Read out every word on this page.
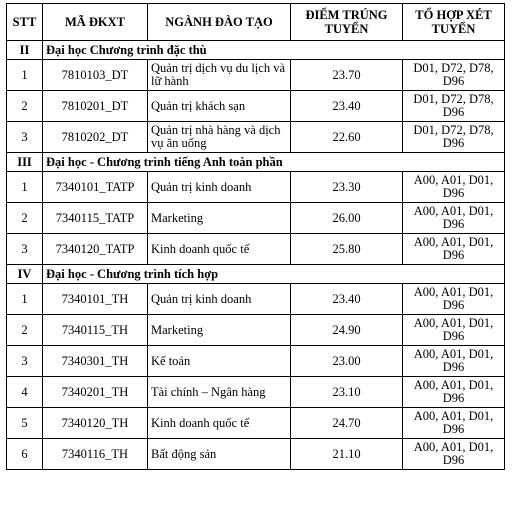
STT	MÃ ĐKXT	NGÀNH ĐÀO TẠO	ĐIỂM TRÚNG TUYỂN	TỔ HỢP XÉT TUYỂN
II	Đại học Chương trình đặc thù			
1	7810103_DT	Quản trị dịch vụ du lịch và lữ hành	23.70	D01, D72, D78, D96
2	7810201_DT	Quản trị khách sạn	23.40	D01, D72, D78, D96
3	7810202_DT	Quản trị nhà hàng và dịch vụ ăn uống	22.60	D01, D72, D78, D96
III	Đại học - Chương trình tiếng Anh toàn phần			
1	7340101_TATP	Quản trị kinh doanh	23.30	A00, A01, D01, D96
2	7340115_TATP	Marketing	26.00	A00, A01, D01, D96
3	7340120_TATP	Kinh doanh quốc tế	25.80	A00, A01, D01, D96
IV	Đại học - Chương trình tích hợp			
1	7340101_TH	Quản trị kinh doanh	23.40	A00, A01, D01, D96
2	7340115_TH	Marketing	24.90	A00, A01, D01, D96
3	7340301_TH	Kế toán	23.00	A00, A01, D01, D96
4	7340201_TH	Tài chính – Ngân hàng	23.10	A00, A01, D01, D96
5	7340120_TH	Kinh doanh quốc tế	24.70	A00, A01, D01, D96
6	7340116_TH	Bất động sản	21.10	A00, A01, D01, D96
